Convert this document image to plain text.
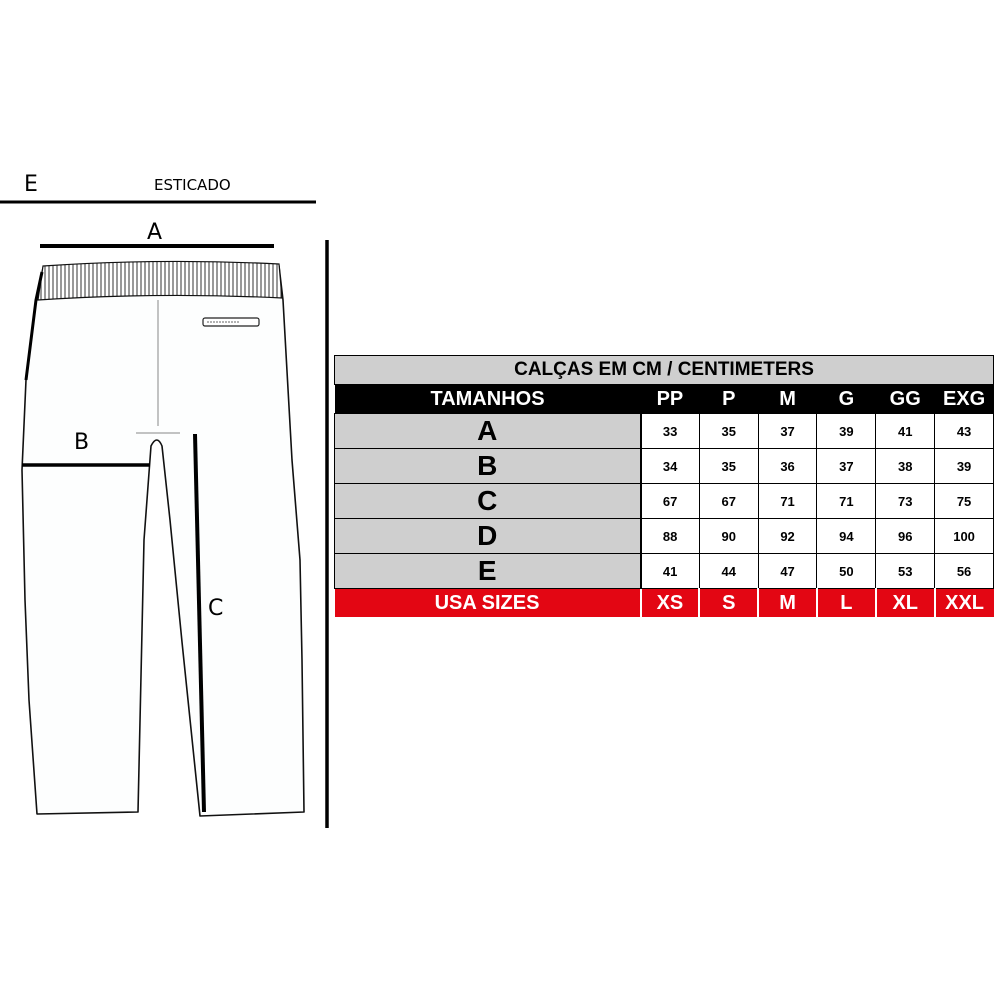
E	ESTICADO
A
B
C
CALÇAS EM CM / CENTIMETERS						
TAMANHOS	PP	P	M	G	GG	EXG
A	33	35	37	39	41	43
B	34	35	36	37	38	39
C	67	67	71	71	73	75
D	88	90	92	94	96	100
E	41	44	47	50	53	56
USA SIZES	XS	S	M	L	XL	XXL
